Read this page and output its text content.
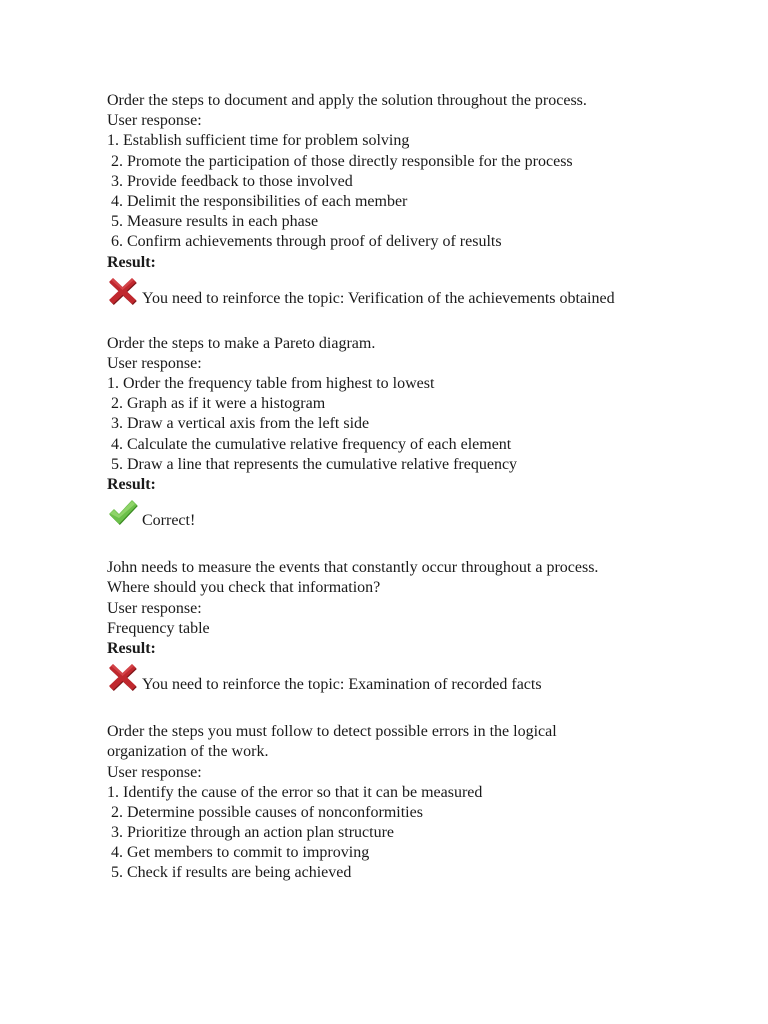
Order the steps to document and apply the solution throughout the process.
User response:
1. Establish sufficient time for problem solving
2. Promote the participation of those directly responsible for the process
3. Provide feedback to those involved
4. Delimit the responsibilities of each member
5. Measure results in each phase
6. Confirm achievements through proof of delivery of results
Result:
You need to reinforce the topic: Verification of the achievements obtained
Order the steps to make a Pareto diagram.
User response:
1. Order the frequency table from highest to lowest
2. Graph as if it were a histogram
3. Draw a vertical axis from the left side
4. Calculate the cumulative relative frequency of each element
5. Draw a line that represents the cumulative relative frequency
Result:
Correct!
John needs to measure the events that constantly occur throughout a process.
Where should you check that information?
User response:
Frequency table
Result:
You need to reinforce the topic: Examination of recorded facts
Order the steps you must follow to detect possible errors in the logical
organization of the work.
User response:
1. Identify the cause of the error so that it can be measured
2. Determine possible causes of nonconformities
3. Prioritize through an action plan structure
4. Get members to commit to improving
5. Check if results are being achieved
